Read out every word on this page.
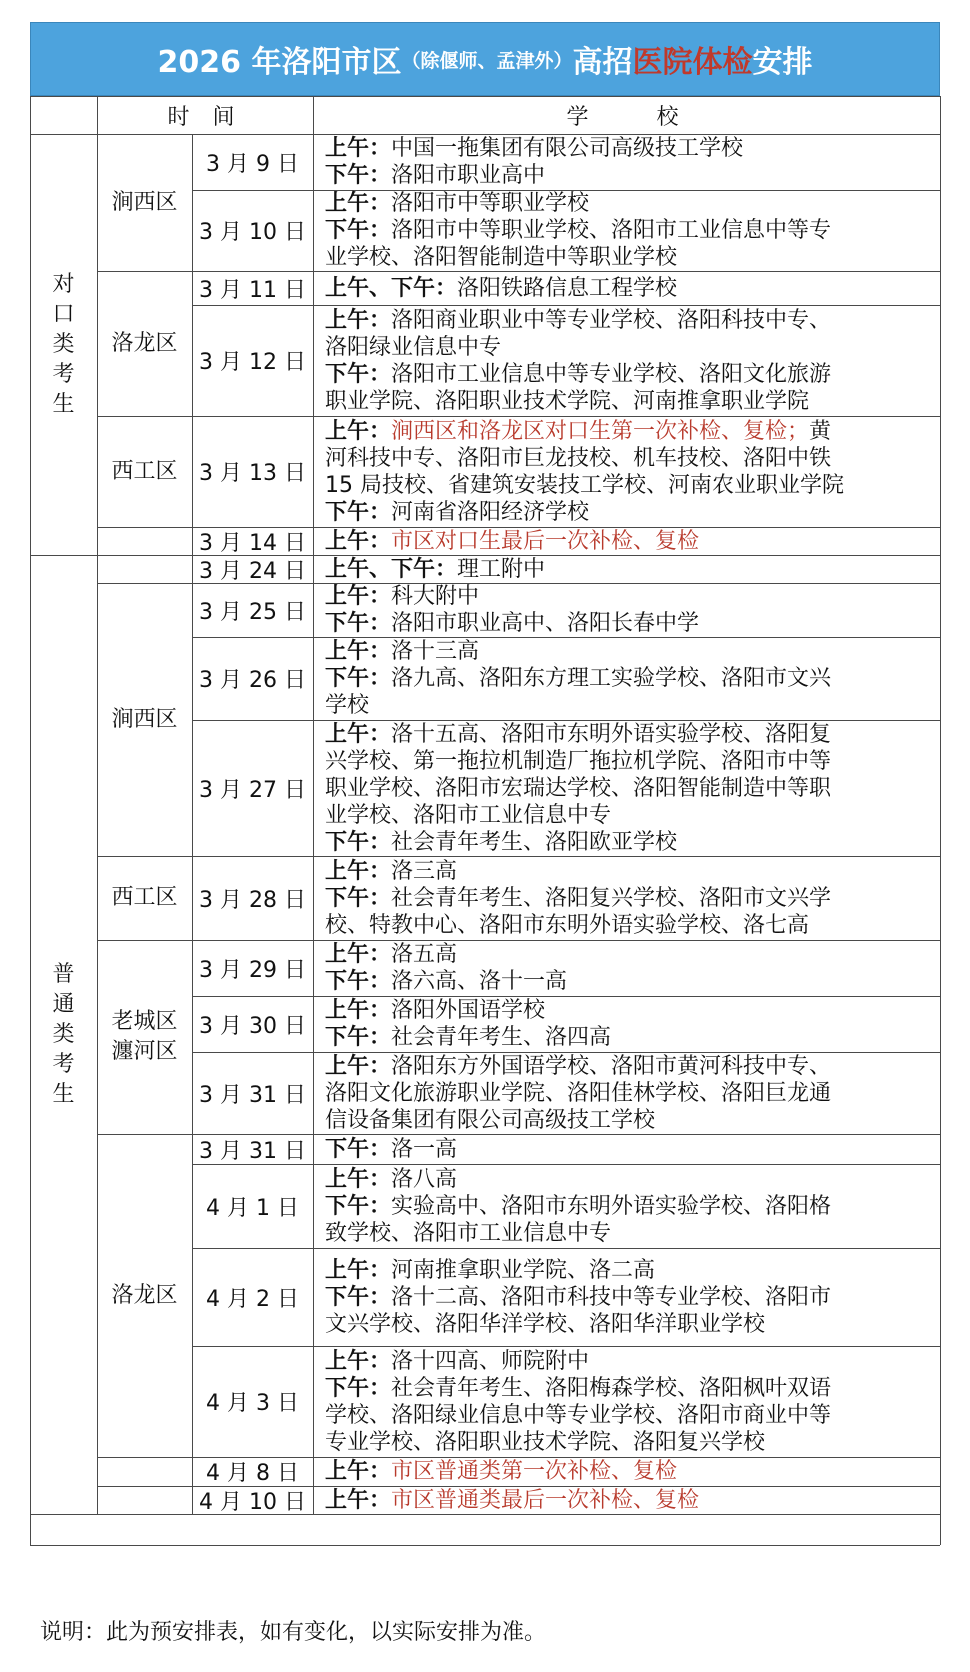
2026 年洛阳市区 （除偃师、孟津外） 高招 医院体检 安排
时 间	学　　校
对
口
类
考
生
普
通
类
考
生
涧西区
洛龙区
西工区
涧西区
西工区
老城区
瀍河区
洛龙区
3 月 9 日
上午：中国一拖集团有限公司高级技工学校
下午：洛阳市职业高中
3 月 10 日
上午：洛阳市中等职业学校
下午：洛阳市中等职业学校、洛阳市工业信息中等专
业学校、洛阳智能制造中等职业学校
3 月 11 日 上午、下午：洛阳铁路信息工程学校
3 月 12 日
上午：洛阳商业职业中等专业学校、洛阳科技中专、
洛阳绿业信息中专
下午：洛阳市工业信息中等专业学校、洛阳文化旅游
职业学院、洛阳职业技术学院、河南推拿职业学院
3 月 13 日
上午：涧西区和洛龙区对口生第一次补检、复检；黄
河科技中专、洛阳市巨龙技校、机车技校、洛阳中铁
15 局技校、省建筑安装技工学校、河南农业职业学院
下午：河南省洛阳经济学校
3 月 14 日 上午：市区对口生最后一次补检、复检
3 月 24 日 上午、下午：理工附中
3 月 25 日
上午：科大附中
下午：洛阳市职业高中、洛阳长春中学
3 月 26 日
上午：洛十三高
下午：洛九高、洛阳东方理工实验学校、洛阳市文兴
学校
3 月 27 日
上午：洛十五高、洛阳市东明外语实验学校、洛阳复
兴学校、第一拖拉机制造厂拖拉机学院、洛阳市中等
职业学校、洛阳市宏瑞达学校、洛阳智能制造中等职
业学校、洛阳市工业信息中专
下午：社会青年考生、洛阳欧亚学校
3 月 28 日
上午：洛三高
下午：社会青年考生、洛阳复兴学校、洛阳市文兴学
校、特教中心、洛阳市东明外语实验学校、洛七高
3 月 29 日
上午：洛五高
下午：洛六高、洛十一高
3 月 30 日
上午：洛阳外国语学校
下午：社会青年考生、洛四高
3 月 31 日
上午：洛阳东方外国语学校、洛阳市黄河科技中专、
洛阳文化旅游职业学院、洛阳佳林学校、洛阳巨龙通
信设备集团有限公司高级技工学校
3 月 31 日 下午：洛一高
4 月 1 日
上午：洛八高
下午：实验高中、洛阳市东明外语实验学校、洛阳格
致学校、洛阳市工业信息中专
4 月 2 日
上午：河南推拿职业学院、洛二高
下午：洛十二高、洛阳市科技中等专业学校、洛阳市
文兴学校、洛阳华洋学校、洛阳华洋职业学校
4 月 3 日
上午：洛十四高、师院附中
下午：社会青年考生、洛阳梅森学校、洛阳枫叶双语
学校、洛阳绿业信息中等专业学校、洛阳市商业中等
专业学校、洛阳职业技术学院、洛阳复兴学校
4 月 8 日	上午：市区普通类第一次补检、复检
4 月 10 日 上午：市区普通类最后一次补检、复检
说明：此为预安排表，如有变化，以实际安排为准。
